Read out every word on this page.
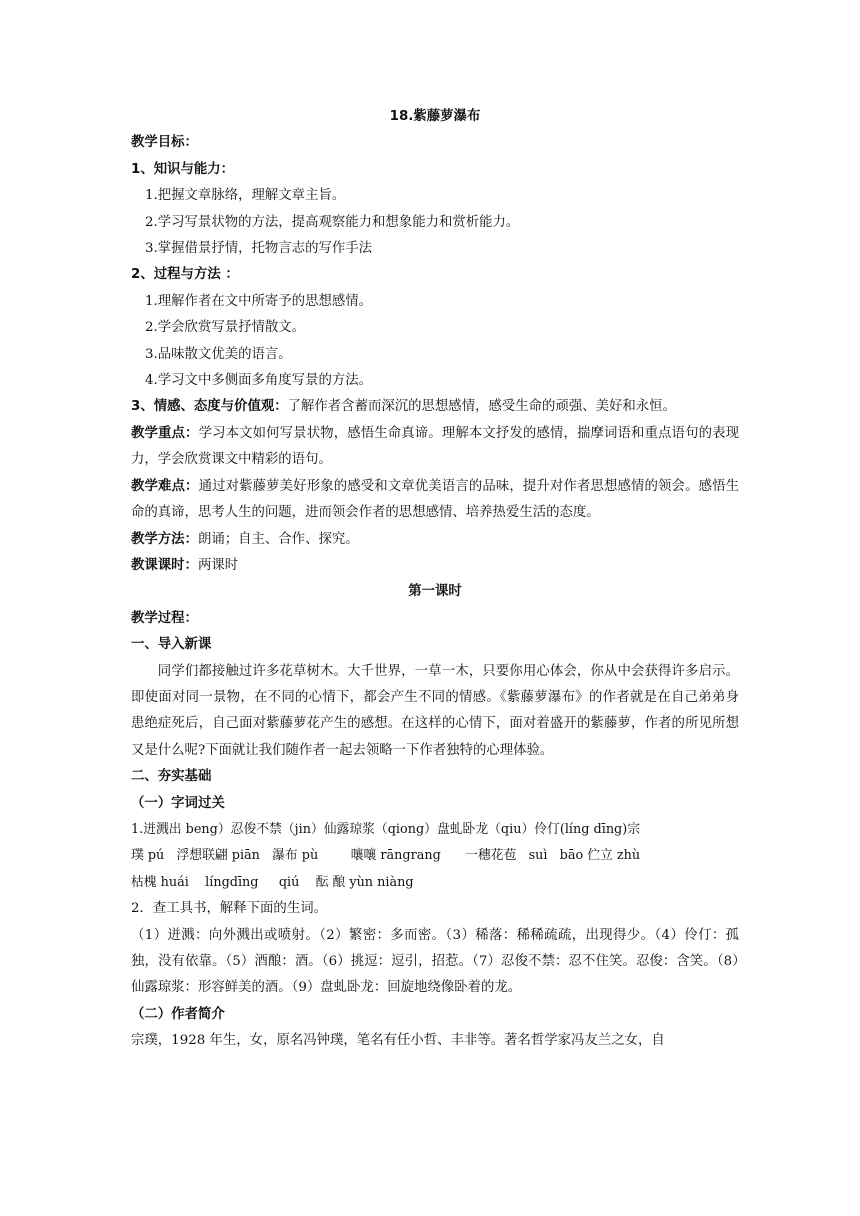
18.紫藤萝瀑布

教学目标：

1、知识与能力：

1.把握文章脉络，理解文章主旨。

2.学习写景状物的方法，提高观察能力和想象能力和赏析能力。

3.掌握借景抒情，托物言志的写作手法

2、过程与方法 ：

1.理解作者在文中所寄予的思想感情。

2.学会欣赏写景抒情散文。

3.品味散文优美的语言。

4.学习文中多侧面多角度写景的方法。

3、情感、态度与价值观：了解作者含蓄而深沉的思想感情，感受生命的顽强、美好和永恒。

教学重点：学习本文如何写景状物，感悟生命真谛。理解本文抒发的感情，揣摩词语和重点语句的表现力，学会欣赏课文中精彩的语句。

教学难点：通过对紫藤萝美好形象的感受和文章优美语言的品味，提升对作者思想感情的领会。感悟生命的真谛，思考人生的问题，进而领会作者的思想感情、培养热爱生活的态度。

教学方法：朗诵；自主、合作、探究。

教课课时：两课时

第一课时

教学过程：

一、导入新课

同学们都接触过许多花草树木。大千世界，一草一木，只要你用心体会，你从中会获得许多启示。即使面对同一景物，在不同的心情下，都会产生不同的情感。《紫藤萝瀑布》的作者就是在自己弟弟身患绝症死后，自己面对紫藤萝花产生的感想。在这样的心情下，面对着盛开的紫藤萝，作者的所见所想又是什么呢?下面就让我们随作者一起去领略一下作者独特的心理体验。

二、夯实基础

（一）字词过关

1.迸溅出 beng）忍俊不禁（jin）仙露琼浆（qiong）盘虬卧龙（qiu）伶仃(líng dīng)宗

璞 pú   浮想联翩 piān   瀑布 pù        嚷嚷 rāngrang      一穗花苞   suì   bāo 伫立 zhù

枯槐 huái    língdīng     qiú    酝 酿 yùn niàng

2．查工具书，解释下面的生词。

（1）迸溅：向外溅出或喷射。（2）繁密：多而密。（3）稀落：稀稀疏疏，出现得少。（4）伶仃：孤独，没有依靠。（5）酒酿：酒。（6）挑逗：逗引，招惹。（7）忍俊不禁：忍不住笑。忍俊：含笑。（8）仙露琼浆：形容鲜美的酒。（9）盘虬卧龙：回旋地绕像卧着的龙。

（二）作者简介

宗璞，1928 年生，女，原名冯钟璞，笔名有任小哲、丰非等。著名哲学家冯友兰之女，自
